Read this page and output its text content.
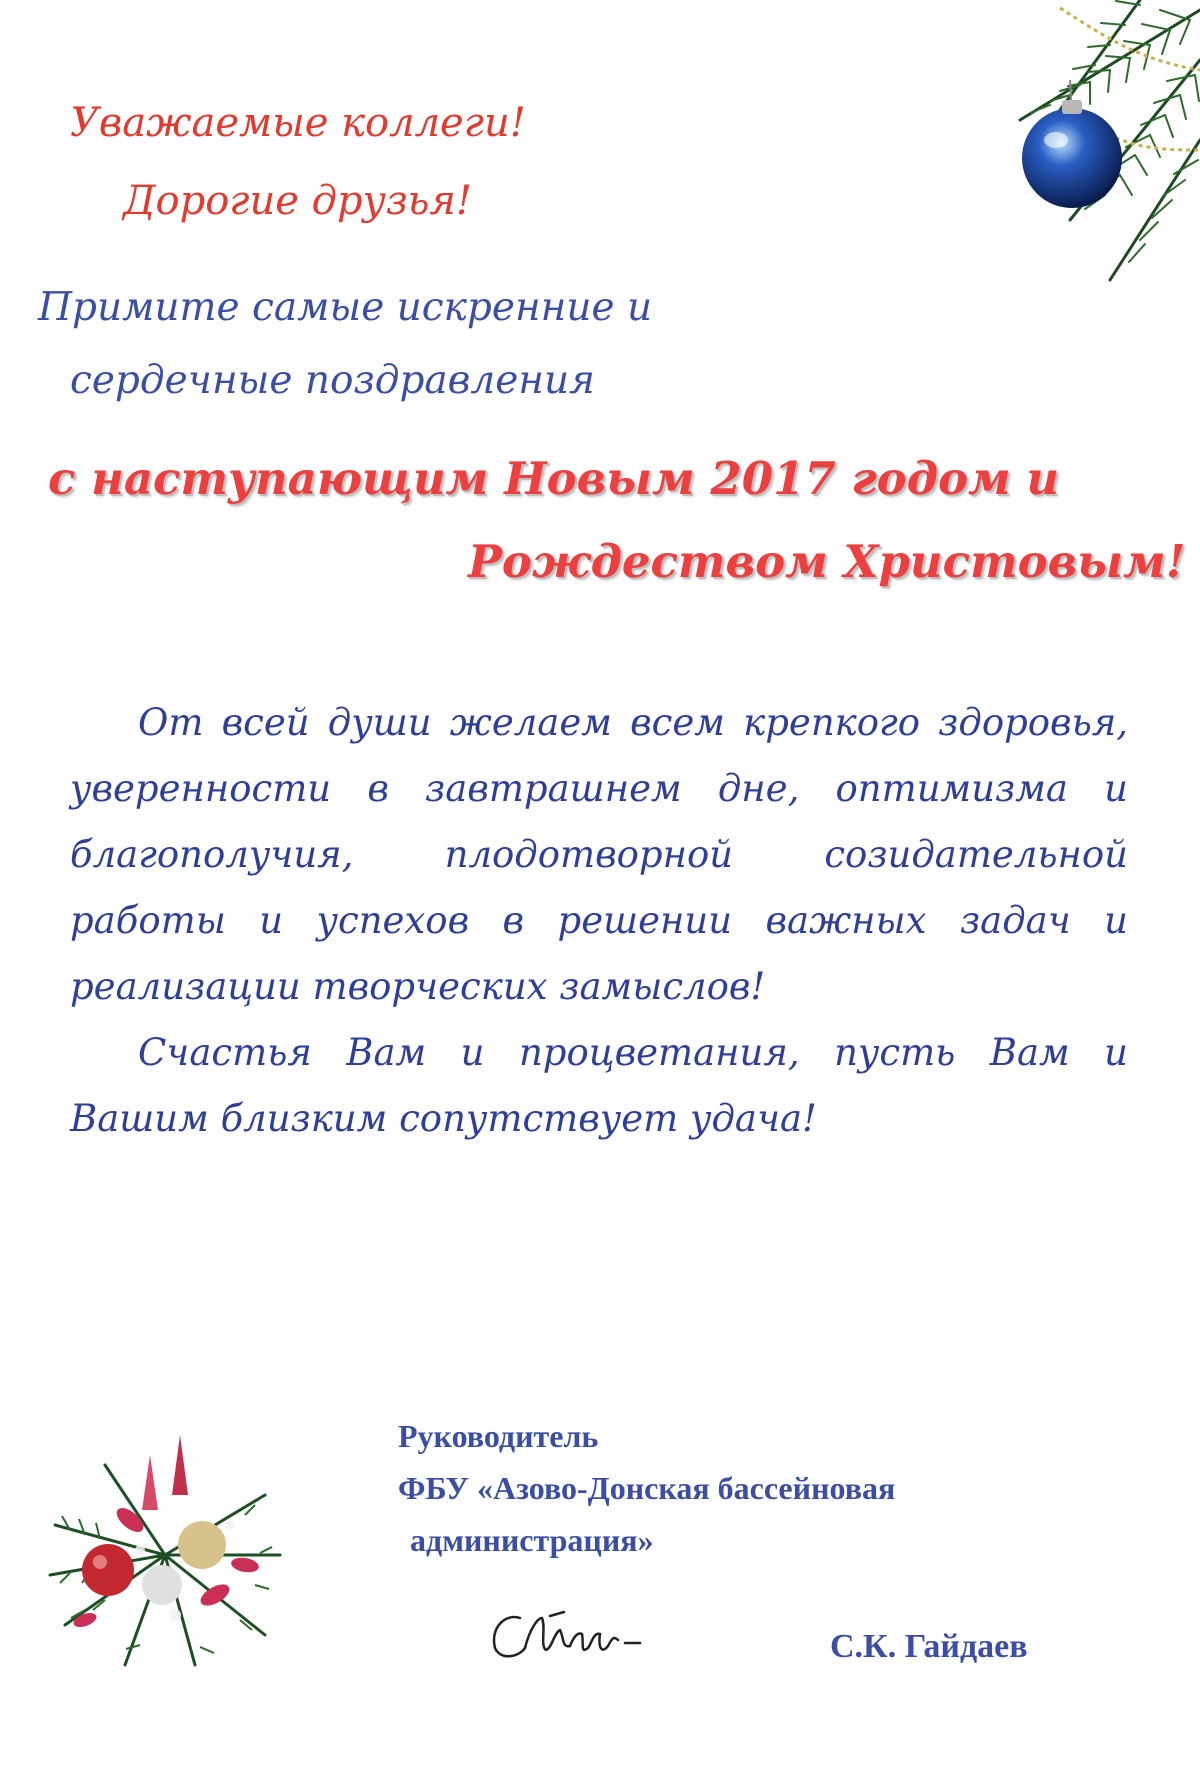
Уважаемые коллеги!
Дорогие друзья!
Примите самые искренние и
сердечные поздравления
с наступающим Новым 2017 годом и
Рождеством Христовым!

От всей души желаем всем крепкого здоровья, уверенности в завтрашнем дне, оптимизма и благополучия, плодотворной созидательной работы и успехов в решении важных задач и реализации творческих замыслов!

Счастья Вам и процветания, пусть Вам и Вашим близким сопутствует удача!

Руководитель
ФБУ «Азово-Донская бассейновая
администрация»
С.К. Гайдаев
